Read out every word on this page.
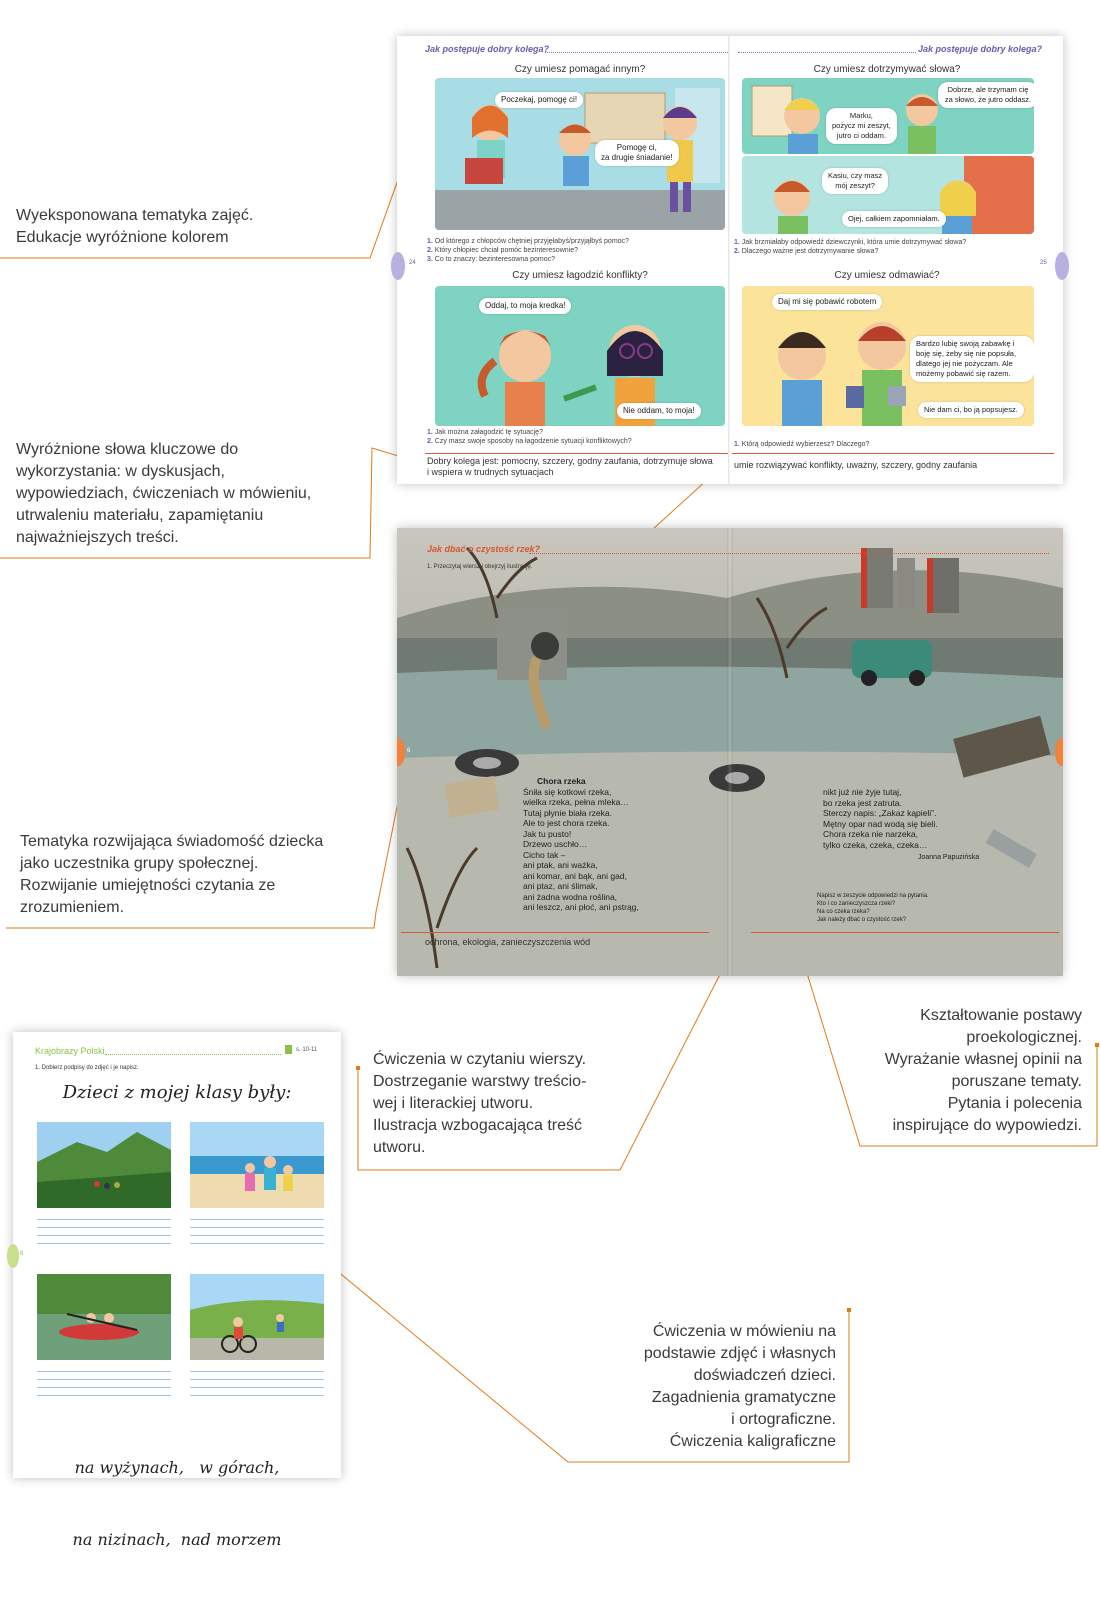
Wyeksponowana tematyka zajęć.
Edukacje wyróżnione kolorem
Wyróżnione słowa kluczowe do
wykorzystania: w dyskusjach,
wypowiedziach, ćwiczeniach w mówieniu,
utrwaleniu materiału, zapamiętaniu
najważniejszych treści.
Tematyka rozwijająca świadomość dziecka
jako uczestnika grupy społecznej.
Rozwijanie umiejętności czytania ze
zrozumieniem.
Kształtowanie postawy
proekologicznej.
Wyrażanie własnej opinii na
poruszane tematy.
Pytania i polecenia
inspirujące do wypowiedzi.
Ćwiczenia w czytaniu wierszy.
Dostrzeganie warstwy treścio-
wej i literackiej utworu.
Ilustracja wzbogacająca treść
utworu.
Ćwiczenia w mówieniu na
podstawie zdjęć i własnych
doświadczeń dzieci.
Zagadnienia gramatyczne
i ortograficzne.
Ćwiczenia kaligraficzne
Jak postępuje dobry kolega?
Czy umiesz pomagać innym?
Poczekaj, pomogę ci!
Pomogę ci,
za drugie śniadanie!
1. Od którego z chłopców chętniej przyjęłabyś/przyjąłbyś pomoc?
2. Który chłopiec chciał pomóc bezinteresownie?
3. Co to znaczy: bezinteresowna pomoc?
24
Czy umiesz łagodzić konflikty?
Oddaj, to moja kredka!
Nie oddam, to moja!
1. Jak można załagodzić tę sytuację?
2. Czy masz swoje sposoby na łagodzenie sytuacji konfliktowych?
Dobry kolega jest: pomocny, szczery, godny zaufania, dotrzymuje słowa i wspiera w trudnych sytuacjach
Jak postępuje dobry kolega?
Czy umiesz dotrzymywać słowa?
Dobrze, ale trzymam cię za słowo, że jutro oddasz.
Marku,
pożycz mi zeszyt,
jutro ci oddam.
Kasiu, czy masz
mój zeszyt?
Ojej, całkiem zapomniałam.
1. Jak brzmiałaby odpowiedź dziewczynki, która umie dotrzymywać słowa?
2. Dlaczego ważne jest dotrzymywanie słowa?
25
Czy umiesz odmawiać?
Daj mi się pobawić robotem
Bardzo lubię swoją zabawkę i boję się, żeby się nie popsuła, dlatego jej nie pożyczam. Ale możemy pobawić się razem.
Nie dam ci, bo ją popsujesz.
1. Którą odpowiedź wybierzesz? Dlaczego?
umie rozwiązywać konflikty, uważny, szczery, godny zaufania
Jak dbać o czystość rzek?
1. Przeczytaj wiersz i obejrzyj ilustrację.
6
Chora rzeka
Śniła się kotkowi rzeka,
wielka rzeka, pełna mleka…
Tutaj płynie biała rzeka.
Ale to jest chora rzeka.
Jak tu pusto!
Drzewo uschło…
Cicho tak –
ani ptak, ani ważka,
ani komar, ani bąk, ani gad,
ani ptaz, ani ślimak,
ani żadna wodna roślina,
ani leszcz, ani płoć, ani pstrąg,
nikt już nie żyje tutaj,
bo rzeka jest zatruta.
Sterczy napis: „Zakaz kąpieli”.
Mętny opar nad wodą się bieli.
Chora rzeka nie narzeka,
tylko czeka, czeka, czeka…
Joanna Papuzińska
Napisz w zeszycie odpowiedzi na pytania.
Kto i co zanieczyszcza rzeki?
Na co czeka rzeka?
Jak należy dbać o czystość rzek?
ochrona, ekologia, zanieczyszczenia wód
Krajobrazy Polski	s. 10-11
1. Dobierz podpisy do zdjęć i je napisz.
Dzieci z mojej klasy były:
8

na wyżynach,   w górach,

na nizinach,  nad morzem
